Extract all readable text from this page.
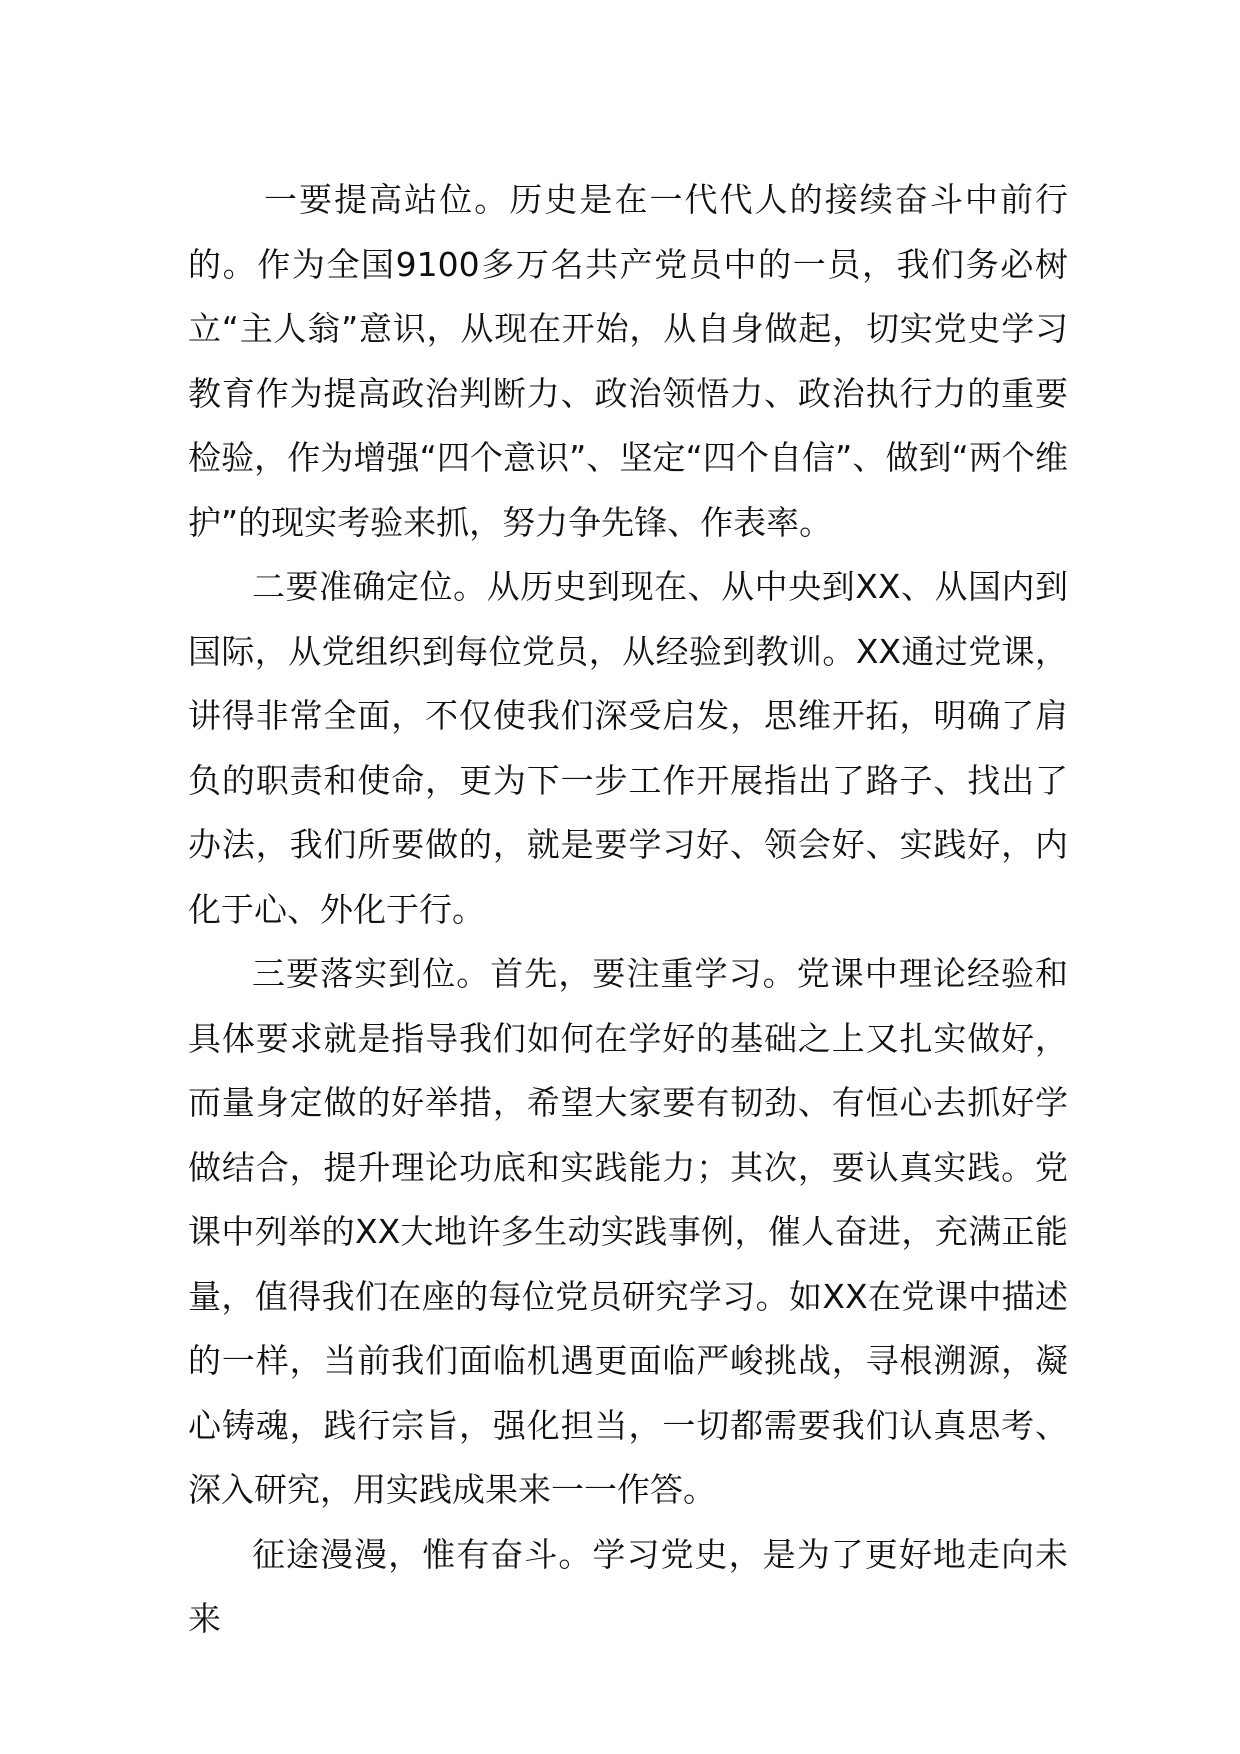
一要提高站位。历史是在一代代人的接续奋斗中前行的。作为全国9100多万名共产党员中的一员，我们务必树立“主人翁”意识，从现在开始，从自身做起，切实党史学习教育作为提高政治判断力、政治领悟力、政治执行力的重要检验，作为增强“四个意识”、坚定“四个自信”、做到“两个维护”的现实考验来抓，努力争先锋、作表率。

二要准确定位。从历史到现在、从中央到XX、从国内到国际，从党组织到每位党员，从经验到教训。XX通过党课，讲得非常全面，不仅使我们深受启发，思维开拓，明确了肩负的职责和使命，更为下一步工作开展指出了路子、找出了办法，我们所要做的，就是要学习好、领会好、实践好，内化于心、外化于行。

三要落实到位。首先，要注重学习。党课中理论经验和具体要求就是指导我们如何在学好的基础之上又扎实做好，而量身定做的好举措，希望大家要有韧劲、有恒心去抓好学做结合，提升理论功底和实践能力；其次，要认真实践。党课中列举的XX大地许多生动实践事例，催人奋进，充满正能量，值得我们在座的每位党员研究学习。如XX在党课中描述的一样，当前我们面临机遇更面临严峻挑战，寻根溯源，凝心铸魂，践行宗旨，强化担当，一切都需要我们认真思考、深入研究，用实践成果来一一作答。

征途漫漫，惟有奋斗。学习党史，是为了更好地走向未来
